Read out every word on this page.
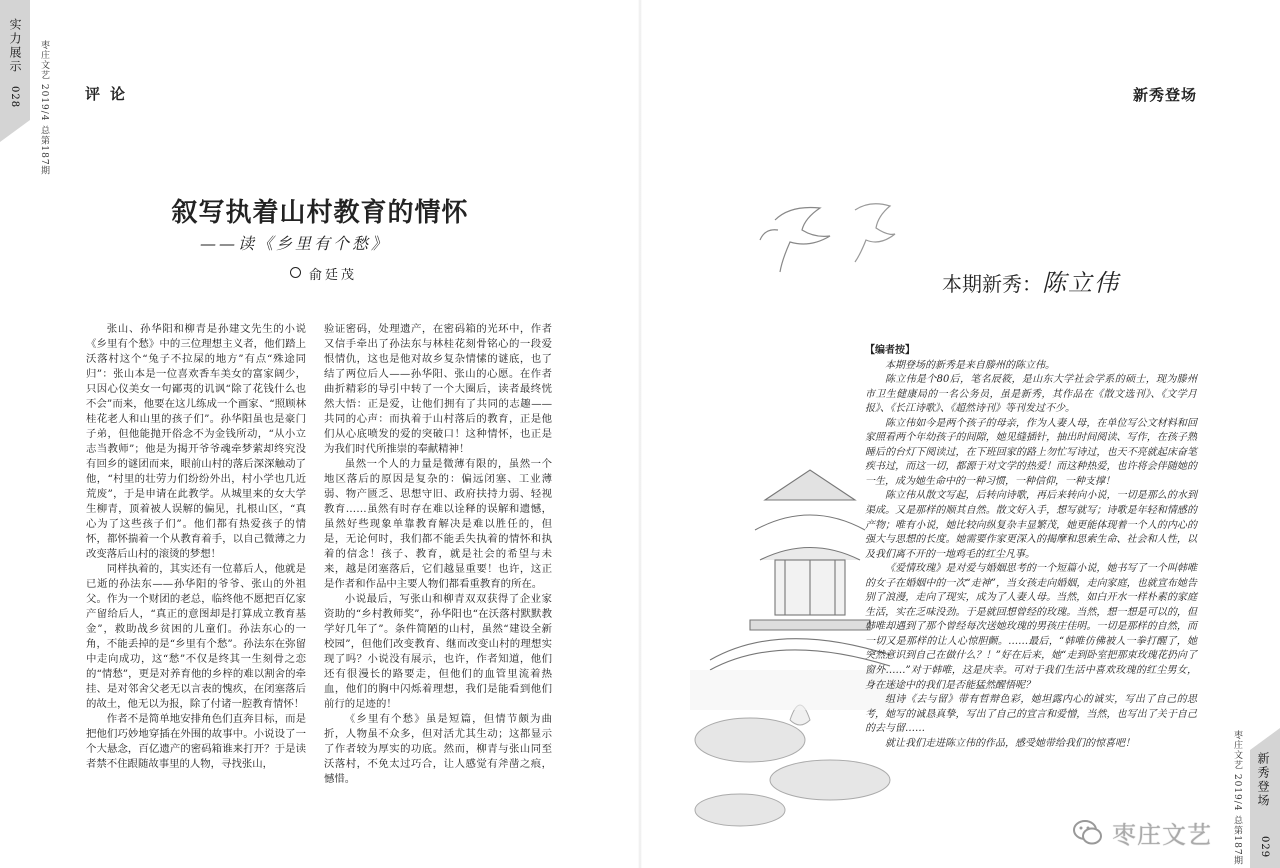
实力展示
028 枣庄文艺 2019/4 总第187期
新秀登场
029
枣庄文艺 2019/4 总第187期
评论
叙写执着山村教育的情怀
——读《乡里有个愁》
俞廷茂

张山、孙华阳和柳青是孙建文先生的小说《乡里有个愁》中的三位理想主义者，他们踏上沃落村这个“兔子不拉屎的地方”有点“殊途同归”：张山本是一位喜欢香车美女的富家阔少，只因心仪美女一句鄙夷的讥讽“除了花钱什么也不会”而来，他要在这儿练成一个画家、“照顾林桂花老人和山里的孩子们”。孙华阳虽也是豪门子弟，但他能抛开俗念不为金钱所动，“从小立志当教师”；他是为揭开爷爷魂牵梦萦却终究没有回乡的谜团而来，眼前山村的落后深深触动了他，“村里的壮劳力们纷纷外出，村小学也几近荒废”，于是申请在此教学。从城里来的女大学生柳青，顶着被人误解的偏见，扎根山区，“真心为了这些孩子们”。他们都有热爱孩子的情怀，都怀揣着一个从教育着手，以自己微薄之力改变落后山村的滚烫的梦想！

同样执着的，其实还有一位幕后人，他就是已逝的孙法东——孙华阳的爷爷、张山的外祖父。作为一个财团的老总，临终他不愿把百亿家产留给后人，“真正的意图却是打算成立教育基金”，救助战乡贫困的儿童们。孙法东心的一角，不能丢掉的是“乡里有个愁”。孙法东在弥留中走向成功，这“愁”不仅是终其一生刻骨之恋的“情愁”，更是对养育他的乡梓的难以割舍的牵挂、是对邻舍父老无以言表的愧疚，在闭塞落后的故土，他无以为报，除了付诸一腔教育情怀！

作者不是简单地安排角色们直奔目标，而是把他们巧妙地穿插在外围的故事中。小说设了一个大悬念，百亿遗产的密码箱谁来打开？于是读者禁不住跟随故事里的人物，寻找张山，

验证密码，处理遗产，在密码箱的光环中，作者又信手牵出了孙法东与林桂花刻骨铭心的一段爱恨情仇，这也是他对故乡复杂情愫的谜底，也了结了两位后人——孙华阳、张山的心愿。在作者曲折精彩的导引中转了一个大圈后，读者最终恍然大悟：正是爱，让他们拥有了共同的志趣——共同的心声：而执着于山村落后的教育，正是他们从心底喷发的爱的突破口！这种情怀，也正是为我们时代所推崇的奉献精神！

虽然一个人的力量是微薄有限的，虽然一个地区落后的原因是复杂的：偏远闭塞、工业薄弱、物产匮乏、思想守旧、政府扶持力弱、轻视教育……虽然有时存在难以诠释的误解和遗憾，虽然好些现象单靠教育解决是难以胜任的，但是，无论何时，我们都不能丢失执着的情怀和执着的信念！孩子、教育，就是社会的希望与未来，越是闭塞落后，它们越显重要！也许，这正是作者和作品中主要人物们都看重教育的所在。

小说最后，写张山和柳青双双获得了企业家资助的“乡村教师奖”，孙华阳也“在沃落村默默教学好几年了”。条件简陋的山村，虽然“建设全新校园”，但他们改变教育、继而改变山村的理想实现了吗？小说没有展示，也许，作者知道，他们还有很漫长的路要走，但他们的血管里流着热血，他们的胸中闪烁着理想，我们是能看到他们前行的足迹的！

《乡里有个愁》虽是短篇，但情节颇为曲折，人物虽不众多，但对活尤其生动；这都显示了作者较为厚实的功底。然而，柳青与张山同至沃落村，不免太过巧合，让人感觉有斧凿之痕，憾惜。

新秀登场
本期新秀：陈立伟
【编者按】

本期登场的新秀是来自滕州的陈立伟。

陈立伟是个80后，笔名辰筱，是山东大学社会学系的硕士，现为滕州市卫生健康局的一名公务员，虽是新秀，其作品在《散文选刊》、《文学月报》、《长江诗歌》、《超然诗刊》等刊发过不少。

陈立伟如今是两个孩子的母亲，作为人妻人母，在单位写公文材料和回家照看两个年幼孩子的间隙，她见缝插针，抽出时间阅读、写作，在孩子熟睡后的台灯下阅读过，在下班回家的路上勿忙写诗过，也天不亮就起床奋笔疾书过，而这一切，都源于对文学的热爱！而这种热爱，也许将会伴随她的一生，成为她生命中的一种习惯，一种信仰，一种支撑！

陈立伟从散文写起，后转向诗歌，再后来转向小说，一切是那么的水到渠成。又是那样的顺其自然。散文好入手，想写就写；诗歌是年轻和情感的产物；唯有小说，她比较向纵复杂丰显繁茂，她更能体现着一个人的内心的强大与思想的长度。她需要作家更深入的揭摩和思索生命、社会和人性，以及我们离不开的一地鸡毛的红尘凡事。

《爱情玫瑰》是对爱与婚姻思考的一个短篇小说，她书写了一个叫韩唯的女子在婚姻中的一次“走神”，当女孩走向婚姻，走向家庭，也就宣布她告别了浪漫，走向了现实，成为了人妻人母。当然，如白开水一样朴素的家庭生活，实在乏味没劲。于是就回想曾经的玫瑰。当然，想一想是可以的，但韩唯却遇到了那个曾经每次送她玫瑰的男孩庄佳明。一切是那样的自然，而一切又是那样的让人心惊胆颤。……最后，“韩唯仿佛被人一拳打醒了，她突然意识到自己在做什么？！”好在后来，她“走到卧室把那束玫瑰花扔向了窗外……”对于韩唯，这是庆幸。可对于我们生活中喜欢玫瑰的红尘男女，身在迷途中的我们是否能猛然醒悟呢？

组诗《去与留》带有哲辩色彩，她坦露内心的诚实，写出了自己的思考，她写的诚恳真挚，写出了自己的宣言和爱憎，当然，也写出了关于自己的去与留……

就让我们走进陈立伟的作品，感受她带给我们的惊喜吧！

枣庄文艺
